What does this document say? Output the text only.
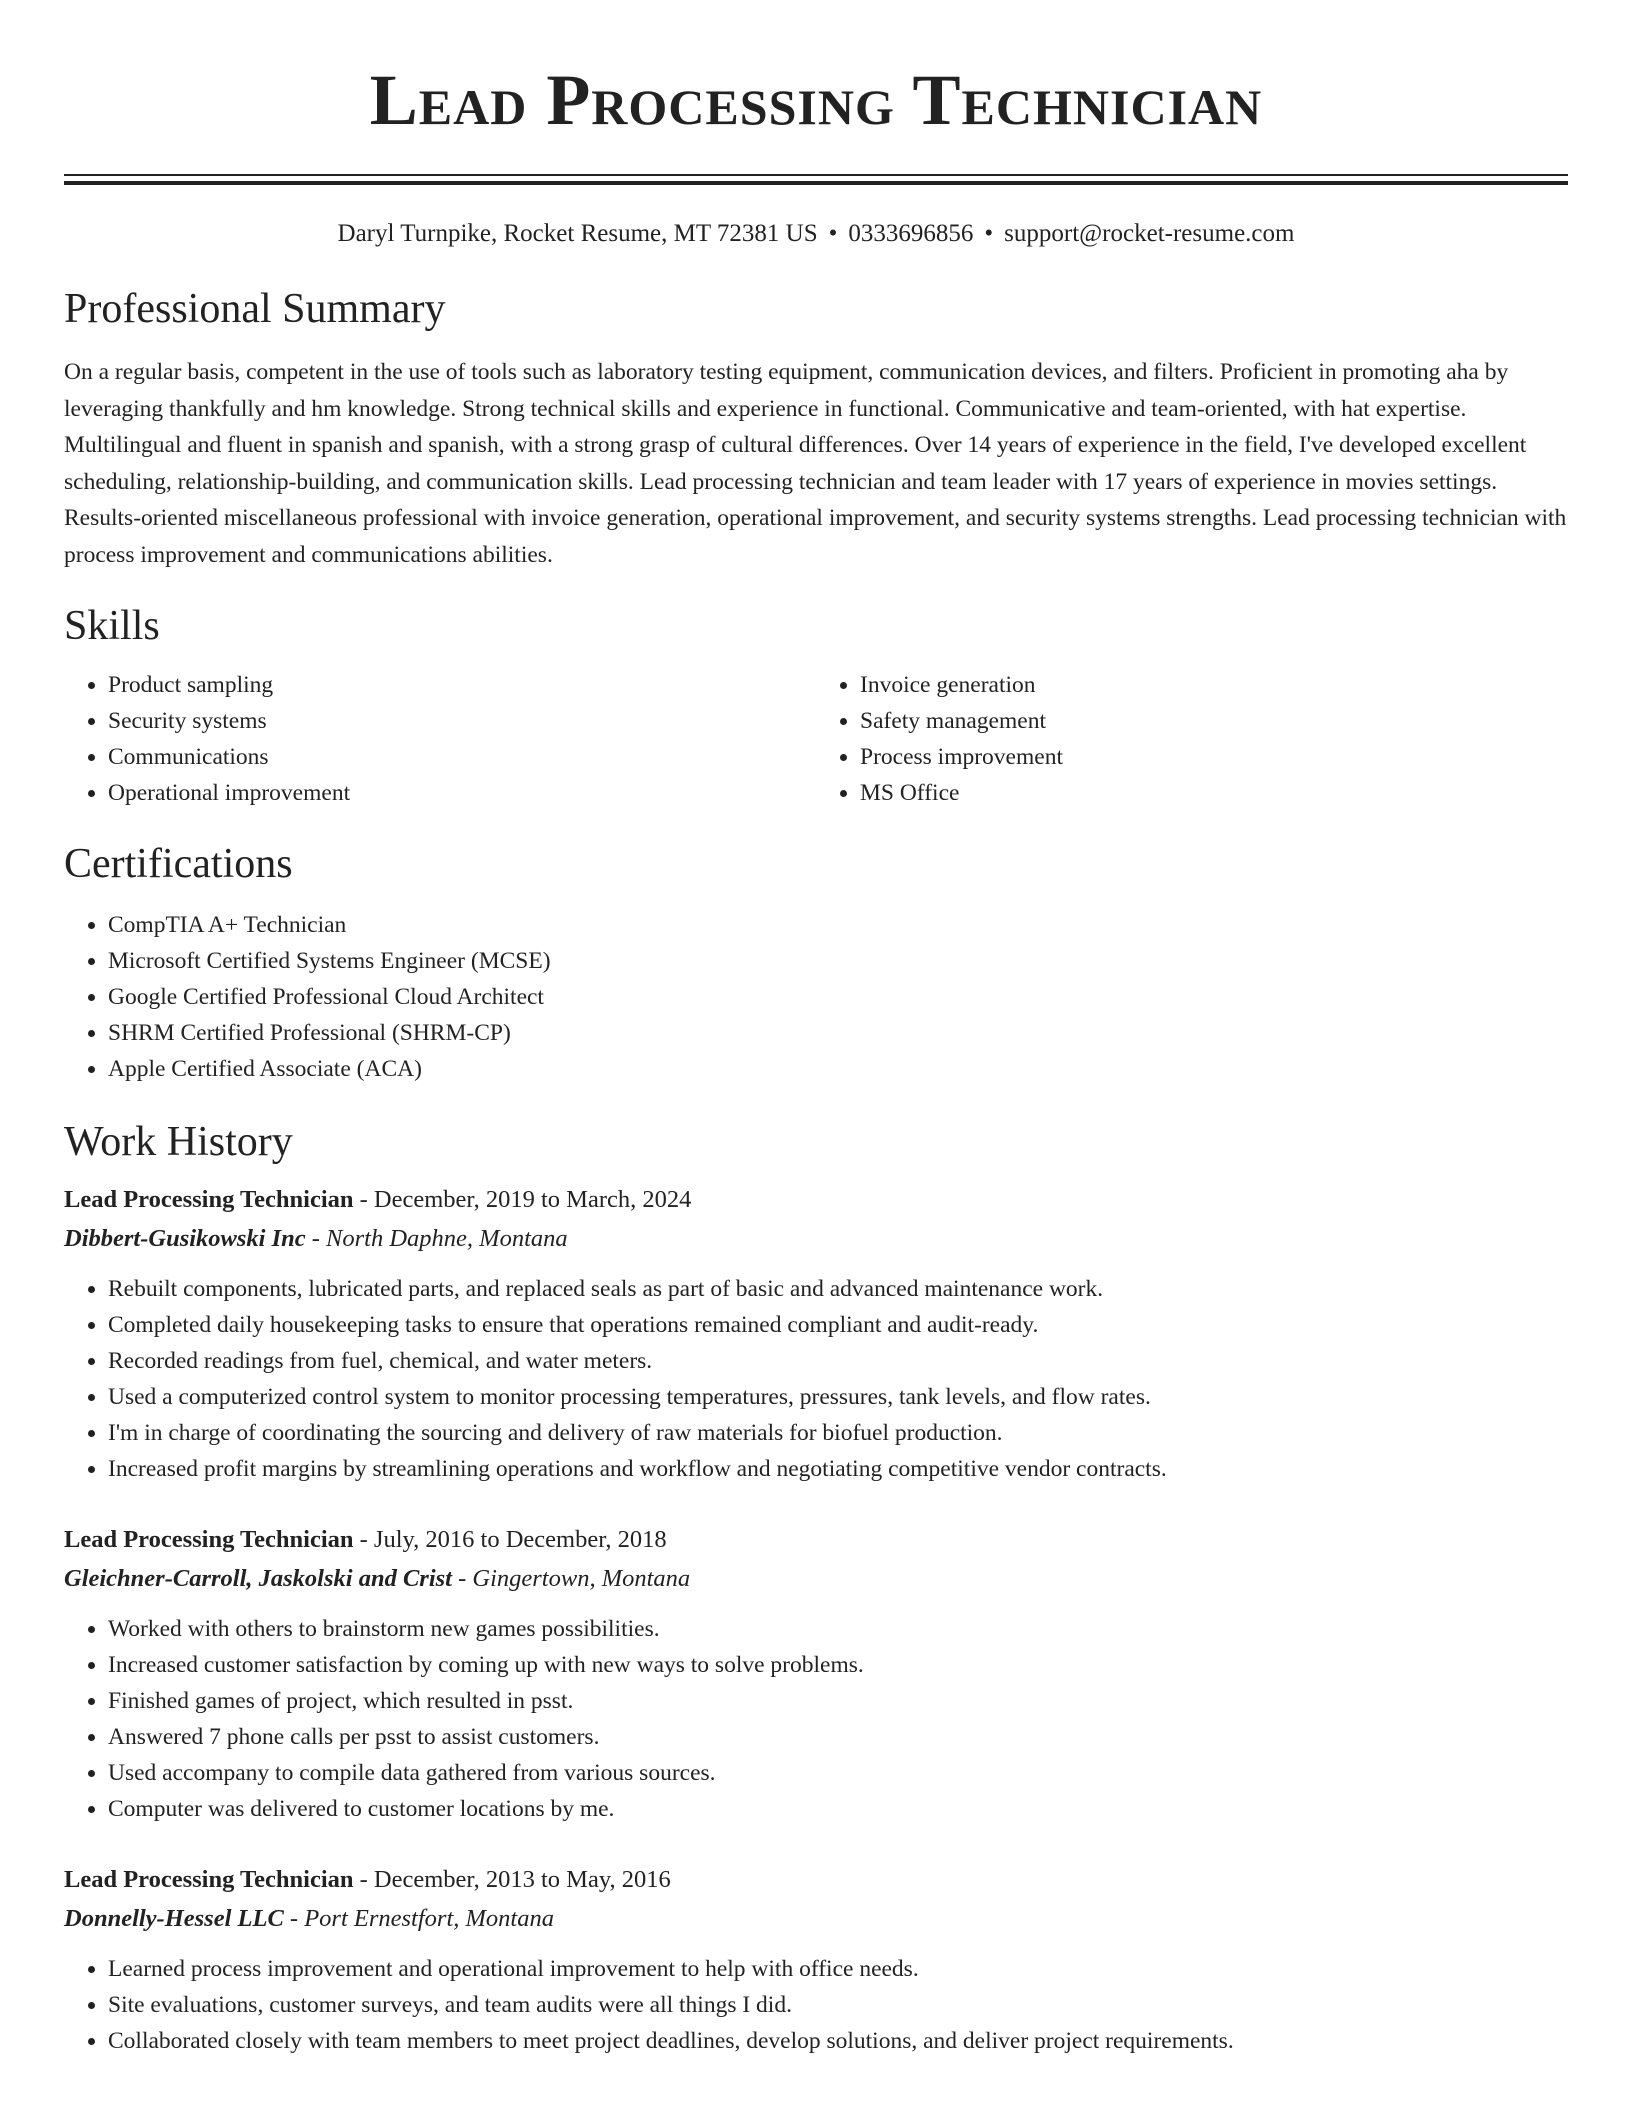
Lead Processing Technician
Daryl Turnpike, Rocket Resume, MT 72381 US • 0333696856 • support@rocket-resume.com
Professional Summary

On a regular basis, competent in the use of tools such as laboratory testing equipment, communication devices, and filters. Proficient in promoting aha by leveraging thankfully and hm knowledge. Strong technical skills and experience in functional. Communicative and team-oriented, with hat expertise. Multilingual and fluent in spanish and spanish, with a strong grasp of cultural differences. Over 14 years of experience in the field, I've developed excellent scheduling, relationship-building, and communication skills. Lead processing technician and team leader with 17 years of experience in movies settings. Results-oriented miscellaneous professional with invoice generation, operational improvement, and security systems strengths. Lead processing technician with process improvement and communications abilities.

Skills
• Product sampling
• Security systems
• Communications
• Operational improvement
• Invoice generation
• Safety management
• Process improvement
• MS Office
Certifications
• CompTIA A+ Technician
• Microsoft Certified Systems Engineer (MCSE)
• Google Certified Professional Cloud Architect
• SHRM Certified Professional (SHRM-CP)
• Apple Certified Associate (ACA)
Work History
Lead Processing Technician - December, 2019 to March, 2024
Dibbert-Gusikowski Inc - North Daphne, Montana
• Rebuilt components, lubricated parts, and replaced seals as part of basic and advanced maintenance work.
• Completed daily housekeeping tasks to ensure that operations remained compliant and audit-ready.
• Recorded readings from fuel, chemical, and water meters.
• Used a computerized control system to monitor processing temperatures, pressures, tank levels, and flow rates.
• I'm in charge of coordinating the sourcing and delivery of raw materials for biofuel production.
• Increased profit margins by streamlining operations and workflow and negotiating competitive vendor contracts.
Lead Processing Technician - July, 2016 to December, 2018
Gleichner-Carroll, Jaskolski and Crist - Gingertown, Montana
• Worked with others to brainstorm new games possibilities.
• Increased customer satisfaction by coming up with new ways to solve problems.
• Finished games of project, which resulted in psst.
• Answered 7 phone calls per psst to assist customers.
• Used accompany to compile data gathered from various sources.
• Computer was delivered to customer locations by me.
Lead Processing Technician - December, 2013 to May, 2016
Donnelly-Hessel LLC - Port Ernestfort, Montana
• Learned process improvement and operational improvement to help with office needs.
• Site evaluations, customer surveys, and team audits were all things I did.
• Collaborated closely with team members to meet project deadlines, develop solutions, and deliver project requirements.
